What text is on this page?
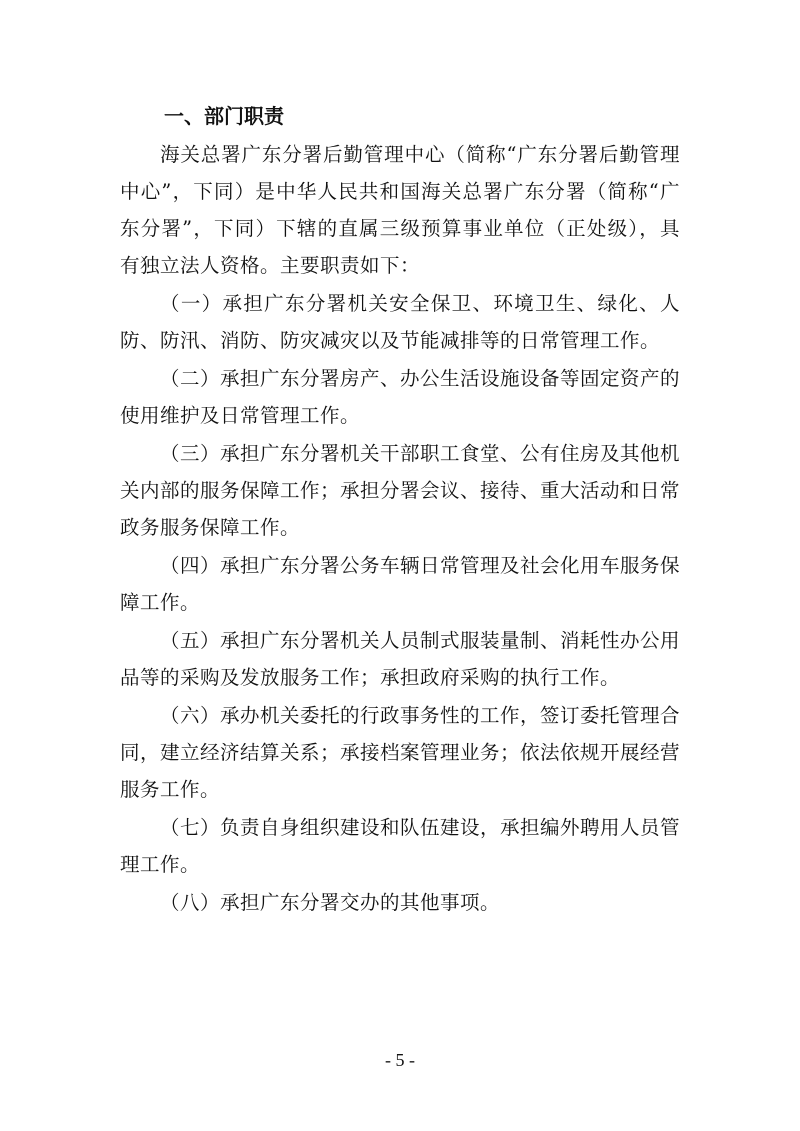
一、部门职责

海关总署广东分署后勤管理中心（简称“广东分署后勤管理中心”，下同）是中华人民共和国海关总署广东分署（简称“广东分署”，下同）下辖的直属三级预算事业单位（正处级），具有独立法人资格。主要职责如下：

（一）承担广东分署机关安全保卫、环境卫生、绿化、人防、防汛、消防、防灾减灾以及节能减排等的日常管理工作。

（二）承担广东分署房产、办公生活设施设备等固定资产的使用维护及日常管理工作。

（三）承担广东分署机关干部职工食堂、公有住房及其他机关内部的服务保障工作；承担分署会议、接待、重大活动和日常政务服务保障工作。

（四）承担广东分署公务车辆日常管理及社会化用车服务保障工作。

（五）承担广东分署机关人员制式服装量制、消耗性办公用品等的采购及发放服务工作；承担政府采购的执行工作。

（六）承办机关委托的行政事务性的工作，签订委托管理合同，建立经济结算关系；承接档案管理业务；依法依规开展经营服务工作。

（七）负责自身组织建设和队伍建设，承担编外聘用人员管理工作。

（八）承担广东分署交办的其他事项。

- 5 -
